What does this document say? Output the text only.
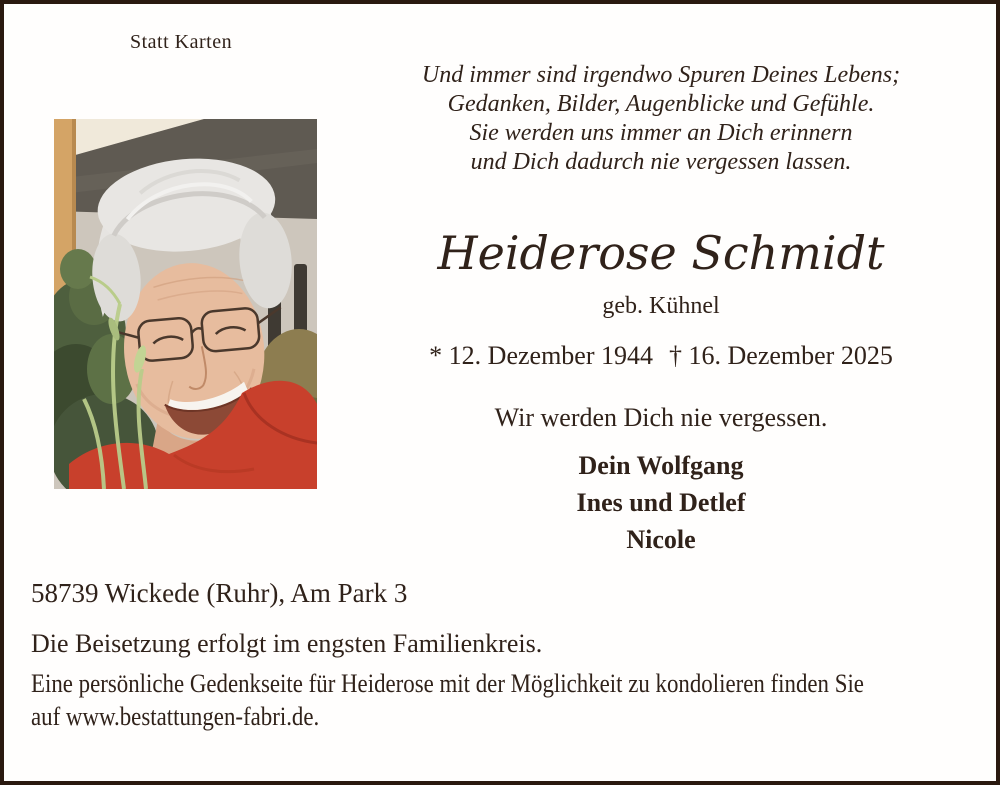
Statt Karten
Und immer sind irgendwo Spuren Deines Lebens;
Gedanken, Bilder, Augenblicke und Gefühle.
Sie werden uns immer an Dich erinnern
und Dich dadurch nie vergessen lassen.
Heiderose Schmidt
geb. Kühnel
* 12. Dezember 1944 † 16. Dezember 2025
Wir werden Dich nie vergessen.
Dein Wolfgang
Ines und Detlef
Nicole
58739 Wickede (Ruhr), Am Park 3
Die Beisetzung erfolgt im engsten Familienkreis.
Eine persönliche Gedenkseite für Heiderose mit der Möglichkeit zu kondolieren finden Sie
auf www.bestattungen-fabri.de.
